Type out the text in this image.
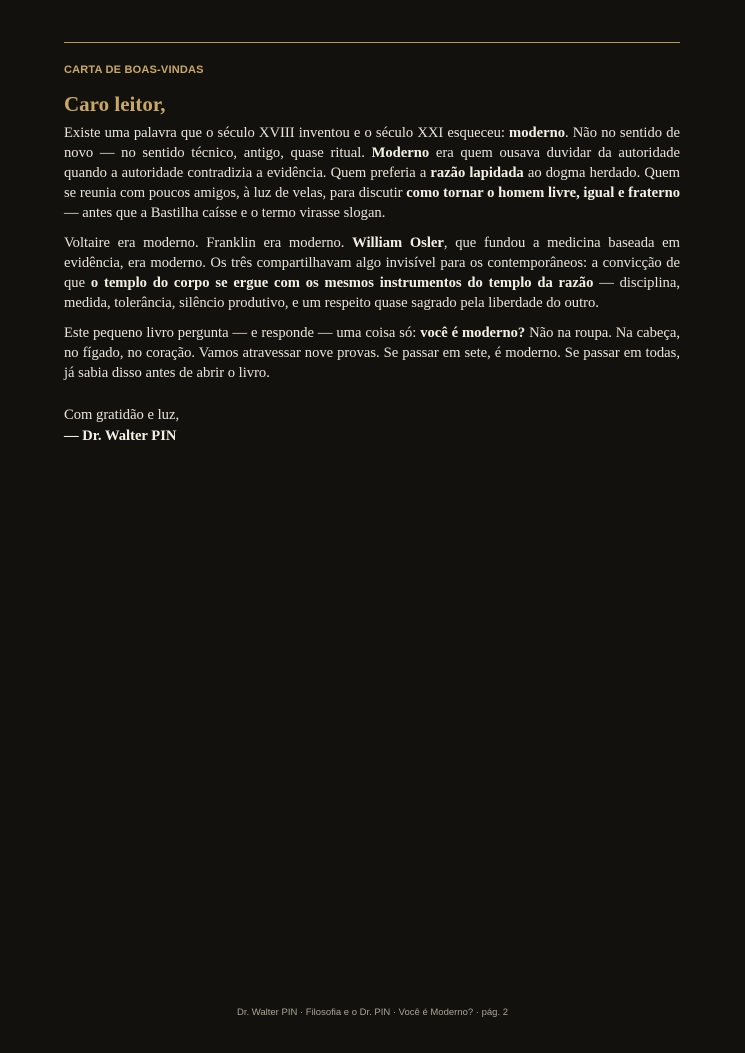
CARTA DE BOAS-VINDAS
Caro leitor,

Existe uma palavra que o século XVIII inventou e o século XXI esqueceu: moderno. Não no sentido de novo — no sentido técnico, antigo, quase ritual. Moderno era quem ousava duvidar da autoridade quando a autoridade contradizia a evidência. Quem preferia a razão lapidada ao dogma herdado. Quem se reunia com poucos amigos, à luz de velas, para discutir como tornar o homem livre, igual e fraterno — antes que a Bastilha caísse e o termo virasse slogan.

Voltaire era moderno. Franklin era moderno. William Osler, que fundou a medicina baseada em evidência, era moderno. Os três compartilhavam algo invisível para os contemporâneos: a convicção de que o templo do corpo se ergue com os mesmos instrumentos do templo da razão — disciplina, medida, tolerância, silêncio produtivo, e um respeito quase sagrado pela liberdade do outro.

Este pequeno livro pergunta — e responde — uma coisa só: você é moderno? Não na roupa. Na cabeça, no fígado, no coração. Vamos atravessar nove provas. Se passar em sete, é moderno. Se passar em todas, já sabia disso antes de abrir o livro.

Com gratidão e luz,
— Dr. Walter PIN
Dr. Walter PIN · Filosofia e o Dr. PIN · Você é Moderno? · pág. 2
